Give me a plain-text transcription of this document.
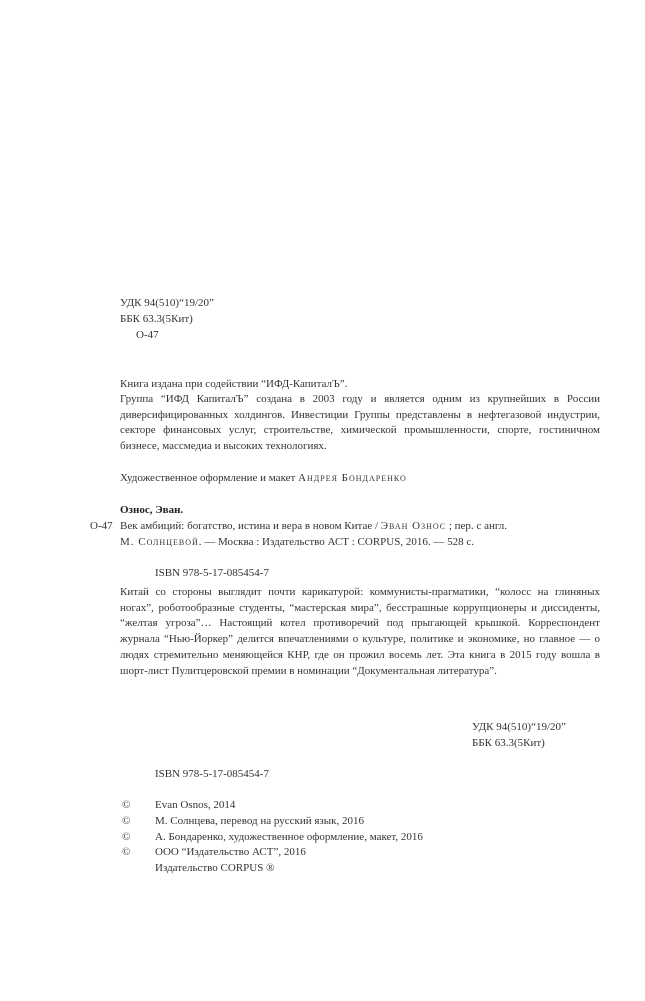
УДК 94(510)“19/20”
ББК 63.3(5Кит)
О-47
Книга издана при содействии “ИФД-КапиталЪ”.
Группа “ИФД КапиталЪ” создана в 2003 году и является одним из крупнейших в России диверсифицированных холдингов. Инвестиции Группы представлены в нефтегазовой индустрии, секторе финансовых услуг, строительстве, химической промышленности, спорте, гостиничном бизнесе, массмедиа и высоких технологиях.
Художественное оформление и макет Андрея Бондаренко
Ознос, Эван.
О-47 Век амбиций: богатство, истина и вера в новом Китае / Эван Ознос ; пер. с англ.
М. Солнцевой. — Москва : Издательство АСТ : CORPUS, 2016. — 528 с.
ISBN 978-5-17-085454-7
Китай со стороны выглядит почти карикатурой: коммунисты-прагматики, “колосс на глиняных ногах”, роботообразные студенты, “мастерская мира”, бесстрашные коррупционеры и диссиденты, “желтая угроза”… Настоящий котел противоречий под прыгающей крышкой. Корреспондент журнала “Нью-Йоркер” делится впечатлениями о культуре, политике и экономике, но главное — о людях стремительно меняющейся КНР, где он прожил восемь лет. Эта книга в 2015 году вошла в шорт-лист Пулитцеровской премии в номинации “Документальная литература”.
УДК 94(510)“19/20”
ББК 63.3(5Кит)
ISBN 978-5-17-085454-7
© Evan Osnos, 2014
© М. Солнцева, перевод на русский язык, 2016
© А. Бондаренко, художественное оформление, макет, 2016
© ООО “Издательство АСТ”, 2016
Издательство CORPUS ®
